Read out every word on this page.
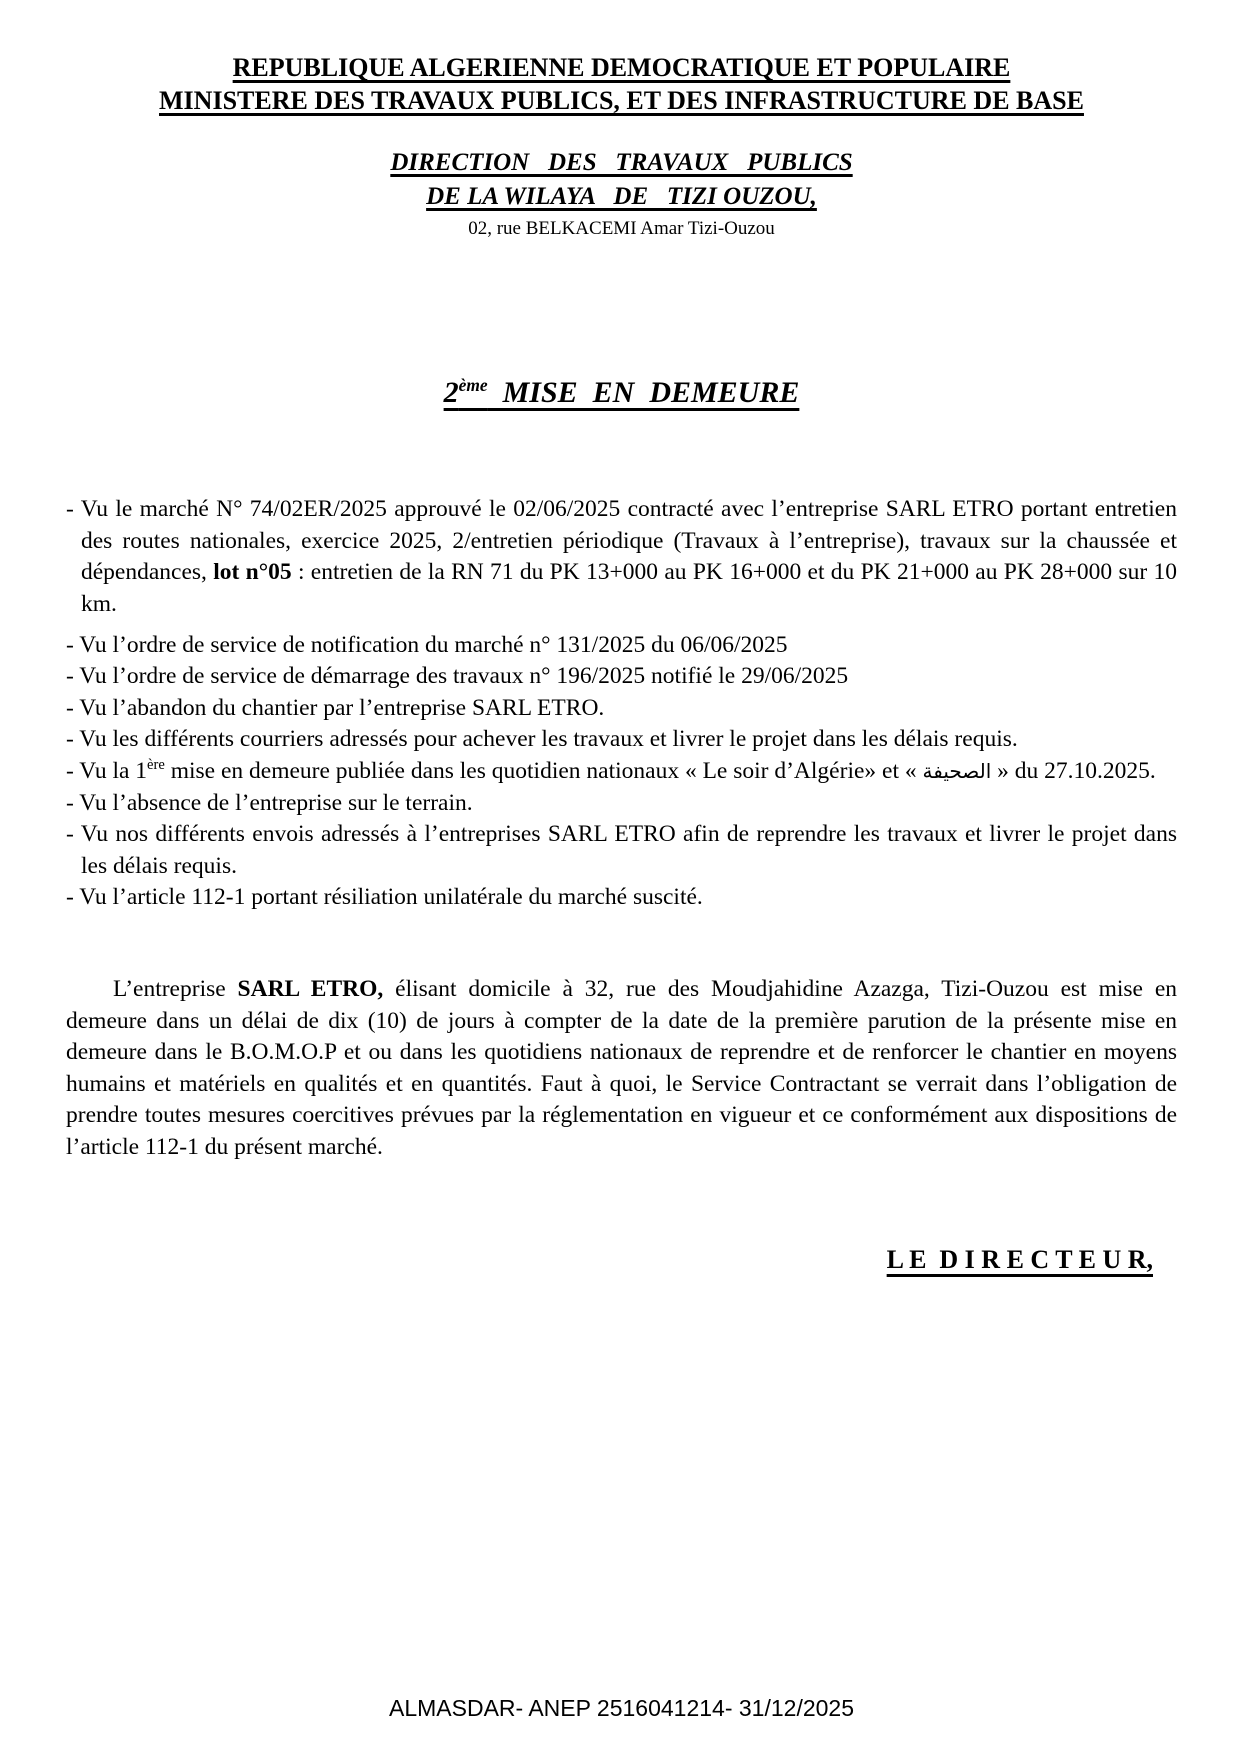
REPUBLIQUE ALGERIENNE DEMOCRATIQUE ET POPULAIRE
MINISTERE DES TRAVAUX PUBLICS, ET DES INFRASTRUCTURE DE BASE
DIRECTION   DES   TRAVAUX   PUBLICS
DE LA WILAYA   DE   TIZI OUZOU,
02, rue BELKACEMI Amar Tizi-Ouzou
2ème  MISE  EN  DEMEURE

- Vu le marché N° 74/02ER/2025 approuvé le 02/06/2025 contracté avec l’entreprise SARL ETRO portant entretien des routes nationales, exercice 2025, 2/entretien périodique (Travaux à l’entreprise), travaux sur la chaussée et dépendances, lot n°05 : entretien de la RN 71 du PK 13+000 au PK 16+000 et du PK 21+000 au PK 28+000 sur 10 km.

- Vu l’ordre de service de notification du marché n° 131/2025 du 06/06/2025

- Vu l’ordre de service de démarrage des travaux n° 196/2025 notifié le 29/06/2025

- Vu l’abandon du chantier par l’entreprise SARL ETRO.

- Vu les différents courriers adressés pour achever les travaux et livrer le projet dans les délais requis.

- Vu la 1ère mise en demeure publiée dans les quotidien nationaux « Le soir d’Algérie» et « الصحيفة » du 27.10.2025.

- Vu l’absence de l’entreprise sur le terrain.

- Vu nos différents envois adressés à l’entreprises SARL ETRO afin de reprendre les travaux et livrer le projet dans les délais requis.

- Vu l’article 112-1 portant résiliation unilatérale du marché suscité.

L’entreprise SARL ETRO, élisant domicile à 32, rue des Moudjahidine Azazga, Tizi-Ouzou est mise en demeure dans un délai de dix (10) de jours à compter de la date de la première parution de la présente mise en demeure dans le B.O.M.O.P et ou dans les quotidiens nationaux de reprendre et de renforcer le chantier en moyens humains et matériels en qualités et en quantités. Faut à quoi, le Service Contractant se verrait dans l’obligation de prendre toutes mesures coercitives prévues par la réglementation en vigueur et ce conformément aux dispositions de l’article 112-1 du présent marché.

L E  D I R E C T E U R,

ALMASDAR- ANEP 2516041214- 31/12/2025
